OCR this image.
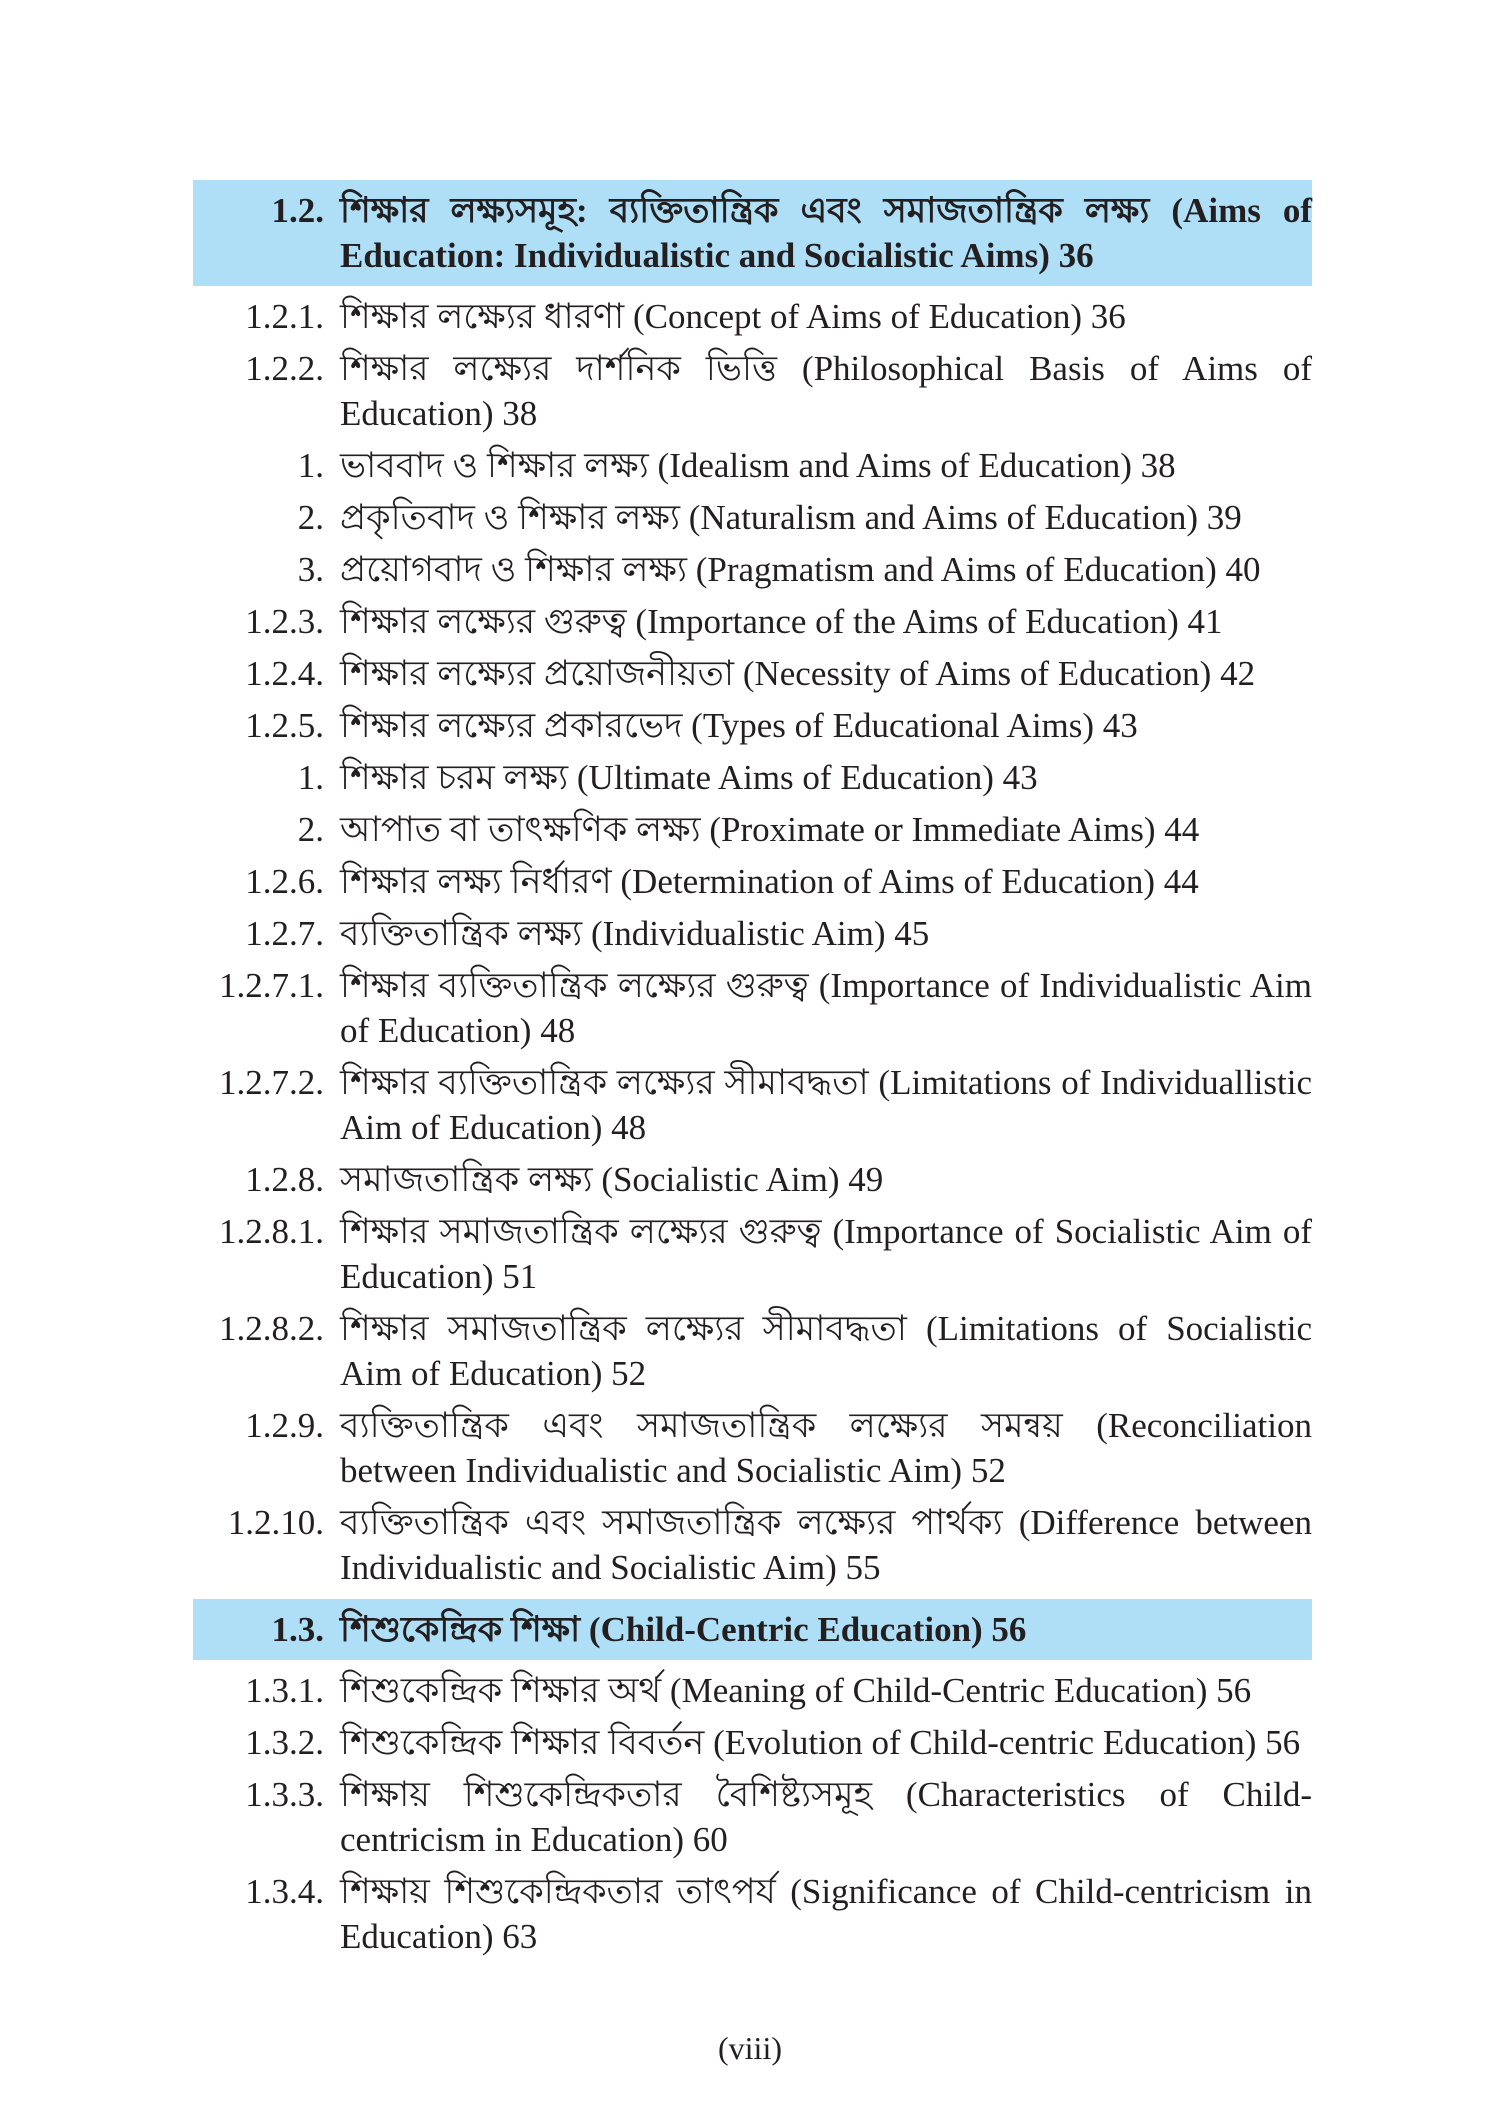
1.2. শিক্ষার লক্ষ্যসমূহ: ব্যক্তিতান্ত্রিক এবং সমাজতান্ত্রিক লক্ষ্য (Aims of Education: Individualistic and Socialistic Aims) 36
1.2.1. শিক্ষার লক্ষ্যের ধারণা (Concept of Aims of Education) 36
1.2.2. শিক্ষার লক্ষ্যের দার্শনিক ভিত্তি (Philosophical Basis of Aims of Education) 38
1. ভাববাদ ও শিক্ষার লক্ষ্য (Idealism and Aims of Education) 38
2. প্রকৃতিবাদ ও শিক্ষার লক্ষ্য (Naturalism and Aims of Education) 39
3. প্রয়োগবাদ ও শিক্ষার লক্ষ্য (Pragmatism and Aims of Education) 40
1.2.3. শিক্ষার লক্ষ্যের গুরুত্ব (Importance of the Aims of Education) 41
1.2.4. শিক্ষার লক্ষ্যের প্রয়োজনীয়তা (Necessity of Aims of Education) 42
1.2.5. শিক্ষার লক্ষ্যের প্রকারভেদ (Types of Educational Aims) 43
1. শিক্ষার চরম লক্ষ্য (Ultimate Aims of Education) 43
2. আপাত বা তাৎক্ষণিক লক্ষ্য (Proximate or Immediate Aims) 44
1.2.6. শিক্ষার লক্ষ্য নির্ধারণ (Determination of Aims of Education) 44
1.2.7. ব্যক্তিতান্ত্রিক লক্ষ্য (Individualistic Aim) 45
1.2.7.1. শিক্ষার ব্যক্তিতান্ত্রিক লক্ষ্যের গুরুত্ব (Importance of Individualistic Aim of Education) 48
1.2.7.2. শিক্ষার ব্যক্তিতান্ত্রিক লক্ষ্যের সীমাবদ্ধতা (Limitations of Individuallistic Aim of Education) 48
1.2.8. সমাজতান্ত্রিক লক্ষ্য (Socialistic Aim) 49
1.2.8.1. শিক্ষার সমাজতান্ত্রিক লক্ষ্যের গুরুত্ব (Importance of Socialistic Aim of Education) 51
1.2.8.2. শিক্ষার সমাজতান্ত্রিক লক্ষ্যের সীমাবদ্ধতা (Limitations of Socialistic Aim of Education) 52
1.2.9. ব্যক্তিতান্ত্রিক এবং সমাজতান্ত্রিক লক্ষ্যের সমন্বয় (Reconciliation between Individualistic and Socialistic Aim) 52
1.2.10. ব্যক্তিতান্ত্রিক এবং সমাজতান্ত্রিক লক্ষ্যের পার্থক্য (Difference between Individualistic and Socialistic Aim) 55
1.3. শিশুকেন্দ্রিক শিক্ষা (Child-Centric Education) 56
1.3.1. শিশুকেন্দ্রিক শিক্ষার অর্থ (Meaning of Child-Centric Education) 56
1.3.2. শিশুকেন্দ্রিক শিক্ষার বিবর্তন (Evolution of Child-centric Education) 56
1.3.3. শিক্ষায় শিশুকেন্দ্রিকতার বৈশিষ্ট্যসমূহ (Characteristics of Child-centricism in Education) 60
1.3.4. শিক্ষায় শিশুকেন্দ্রিকতার তাৎপর্য (Significance of Child-centricism in Education) 63
(viii)
